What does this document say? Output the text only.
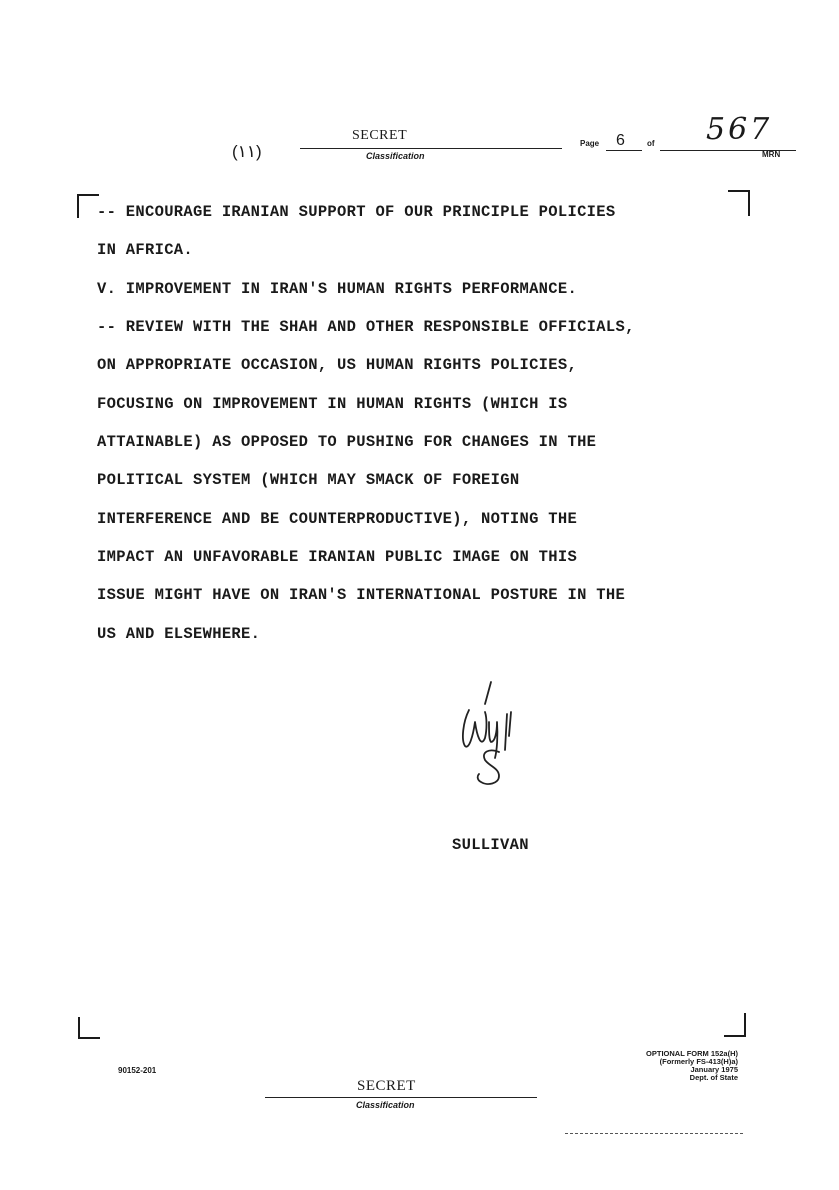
(١١)
SECRET
Classification
Page 6	of 567
MRN
-- ENCOURAGE IRANIAN SUPPORT OF OUR PRINCIPLE POLICIES
IN AFRICA.
V. IMPROVEMENT IN IRAN'S HUMAN RIGHTS PERFORMANCE.
-- REVIEW WITH THE SHAH AND OTHER RESPONSIBLE OFFICIALS,
ON APPROPRIATE OCCASION, US HUMAN RIGHTS POLICIES,
FOCUSING ON IMPROVEMENT IN HUMAN RIGHTS (WHICH IS
ATTAINABLE) AS OPPOSED TO PUSHING FOR CHANGES IN THE
POLITICAL SYSTEM (WHICH MAY SMACK OF FOREIGN
INTERFERENCE AND BE COUNTERPRODUCTIVE), NOTING THE
IMPACT AN UNFAVORABLE IRANIAN PUBLIC IMAGE ON THIS
ISSUE MIGHT HAVE ON IRAN'S INTERNATIONAL POSTURE IN THE
US AND ELSEWHERE.
SULLIVAN
90152-201
SECRET
Classification
OPTIONAL FORM 152a(H)
(Formerly FS-413(H)a)
January 1975
Dept. of State
